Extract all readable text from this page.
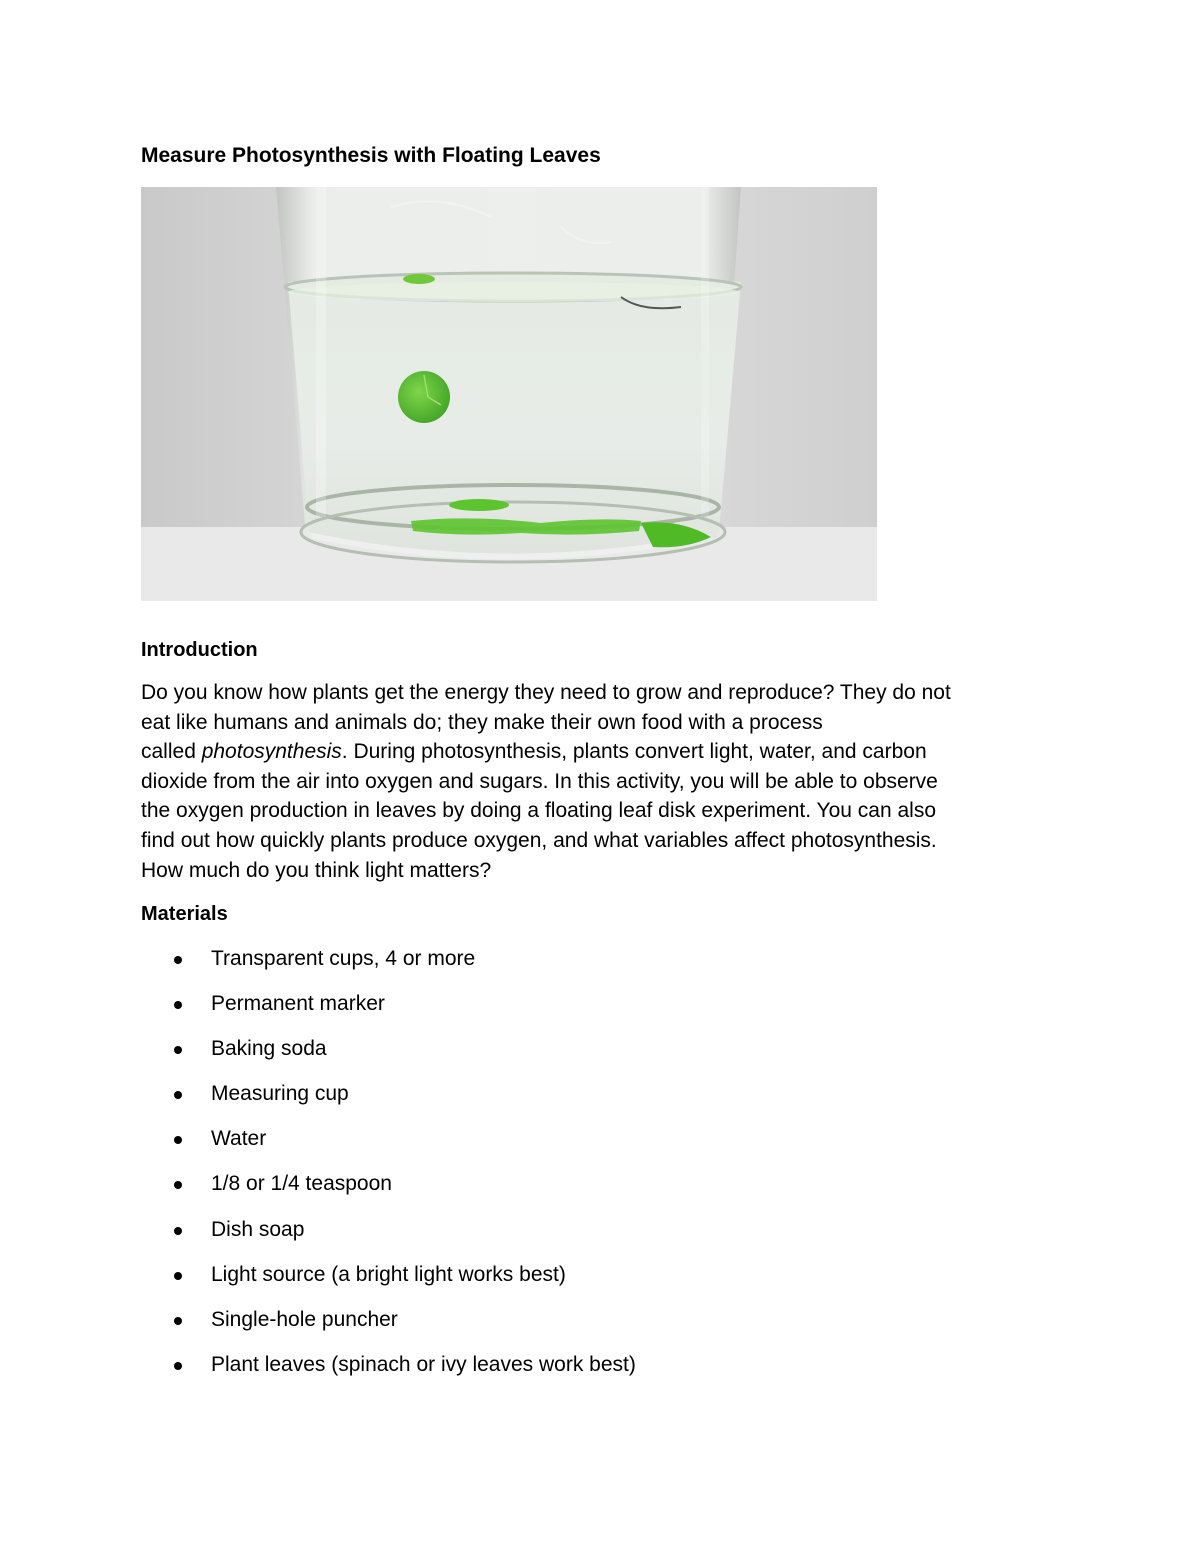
Measure Photosynthesis with Floating Leaves
Introduction

Do you know how plants get the energy they need to grow and reproduce? They do not
eat like humans and animals do; they make their own food with a process
called photosynthesis. During photosynthesis, plants convert light, water, and carbon
dioxide from the air into oxygen and sugars. In this activity, you will be able to observe
the oxygen production in leaves by doing a floating leaf disk experiment. You can also
find out how quickly plants produce oxygen, and what variables affect photosynthesis.
How much do you think light matters?

Materials
Transparent cups, 4 or more
Permanent marker
Baking soda
Measuring cup
Water
1/8 or 1/4 teaspoon
Dish soap
Light source (a bright light works best)
Single-hole puncher
Plant leaves (spinach or ivy leaves work best)
